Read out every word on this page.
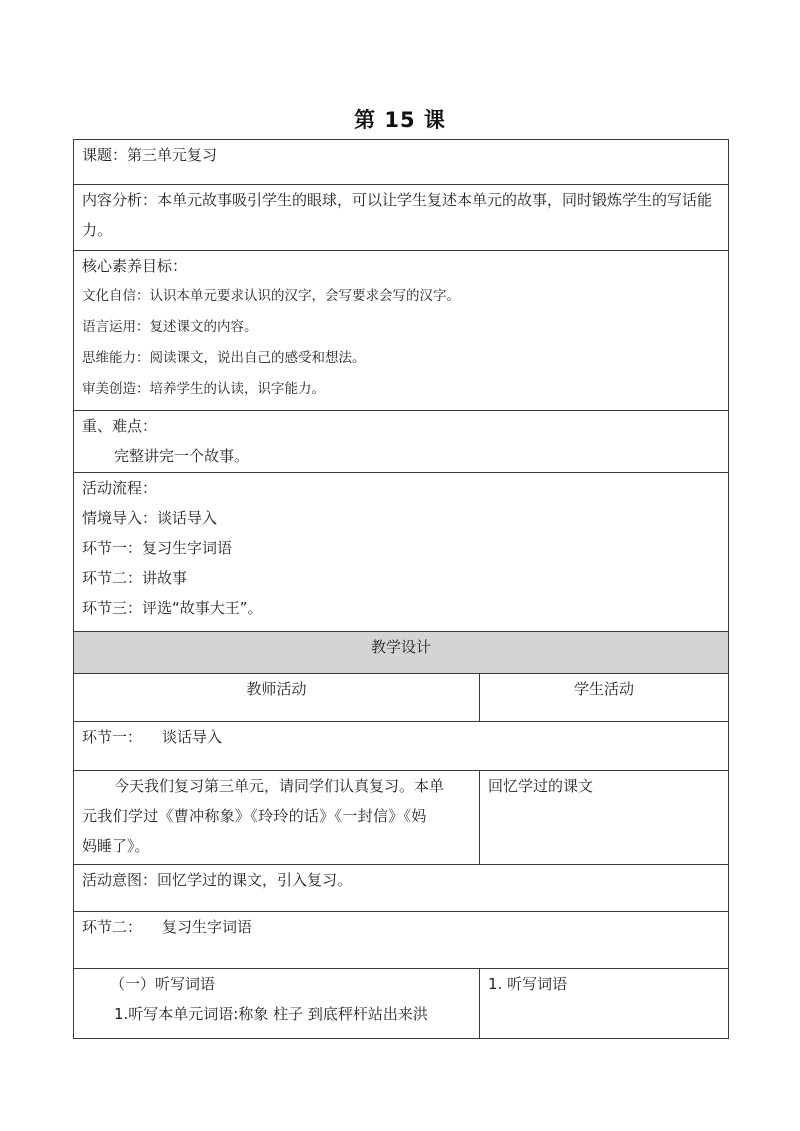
第 15 课
课题：第三单元复习	
内容分析：本单元故事吸引学生的眼球，可以让学生复述本单元的故事，同时锻炼学生的写话能力。	

核心素养目标：
文化自信：认识本单元要求认识的汉字，会写要求会写的汉字。
语言运用：复述课文的内容。
思维能力：阅读课文，说出自己的感受和想法。
审美创造：培养学生的认读，识字能力。	

重、难点：
完整讲完一个故事。	

活动流程：
情境导入：谈话导入
环节一：复习生字词语
环节二：讲故事
环节三：评选“故事大王”。	

教学设计	
教师活动	学生活动
环节一： 谈话导入	

今天我们复习第三单元，请同学们认真复习。本单
元我们学过《曹冲称象》《玲玲的话》《一封信》《妈
妈睡了》。	回忆学过的课文
活动意图：回忆学过的课文，引入复习。	
环节二： 复习生字词语	

（一）听写词语
1.听写本单元词语:称象 柱子 到底秤杆站出来洪	1. 听写词语
